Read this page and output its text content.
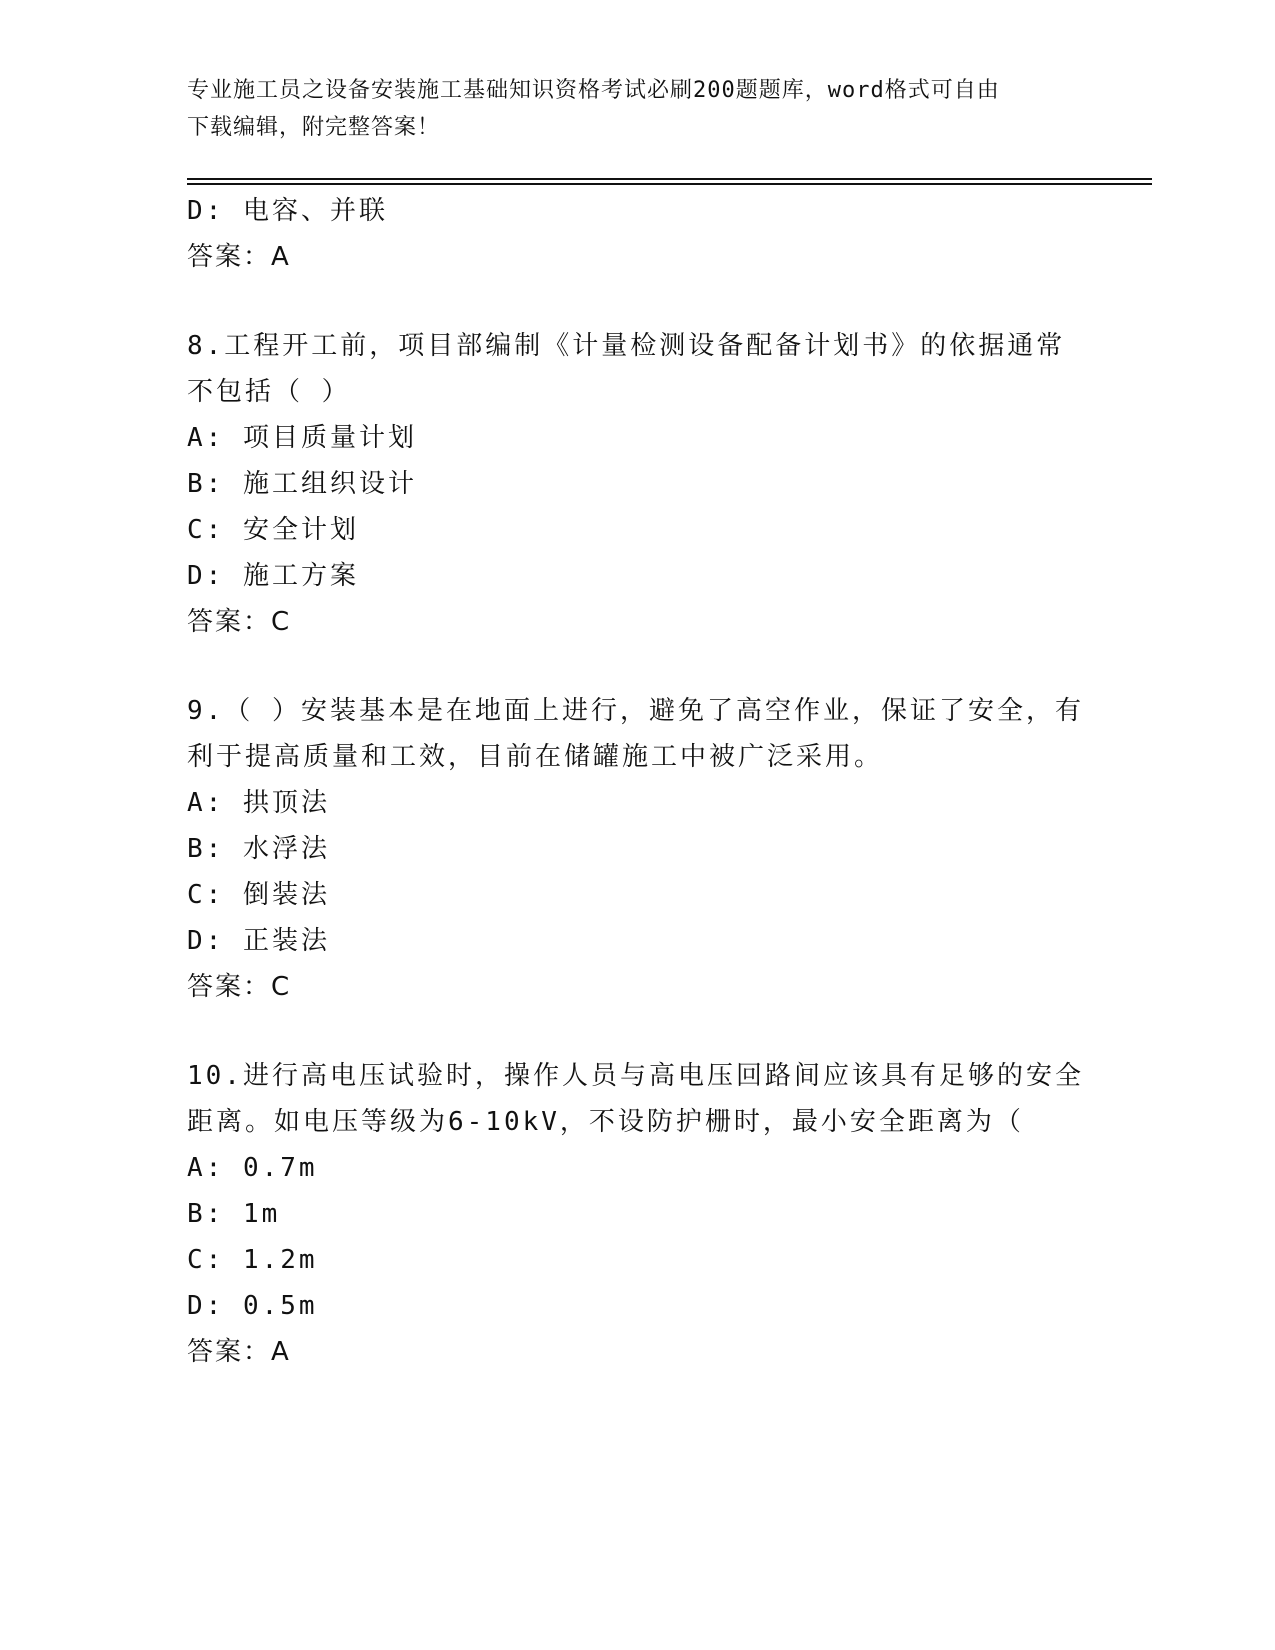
专业施工员之设备安装施工基础知识资格考试必刷200题题库，word格式可自由
下载编辑，附完整答案！
D: 电容、并联
答案：A
8.工程开工前，项目部编制《计量检测设备配备计划书》的依据通常
不包括（ ）
A: 项目质量计划
B: 施工组织设计
C: 安全计划
D: 施工方案
答案：C
9.（ ）安装基本是在地面上进行，避免了高空作业，保证了安全，有
利于提高质量和工效，目前在储罐施工中被广泛采用。
A: 拱顶法
B: 水浮法
C: 倒装法
D: 正装法
答案：C
10.进行高电压试验时，操作人员与高电压回路间应该具有足够的安全
距离。如电压等级为6-10kV，不设防护栅时，最小安全距离为（
A: 0.7m
B: 1m
C: 1.2m
D: 0.5m
答案：A
